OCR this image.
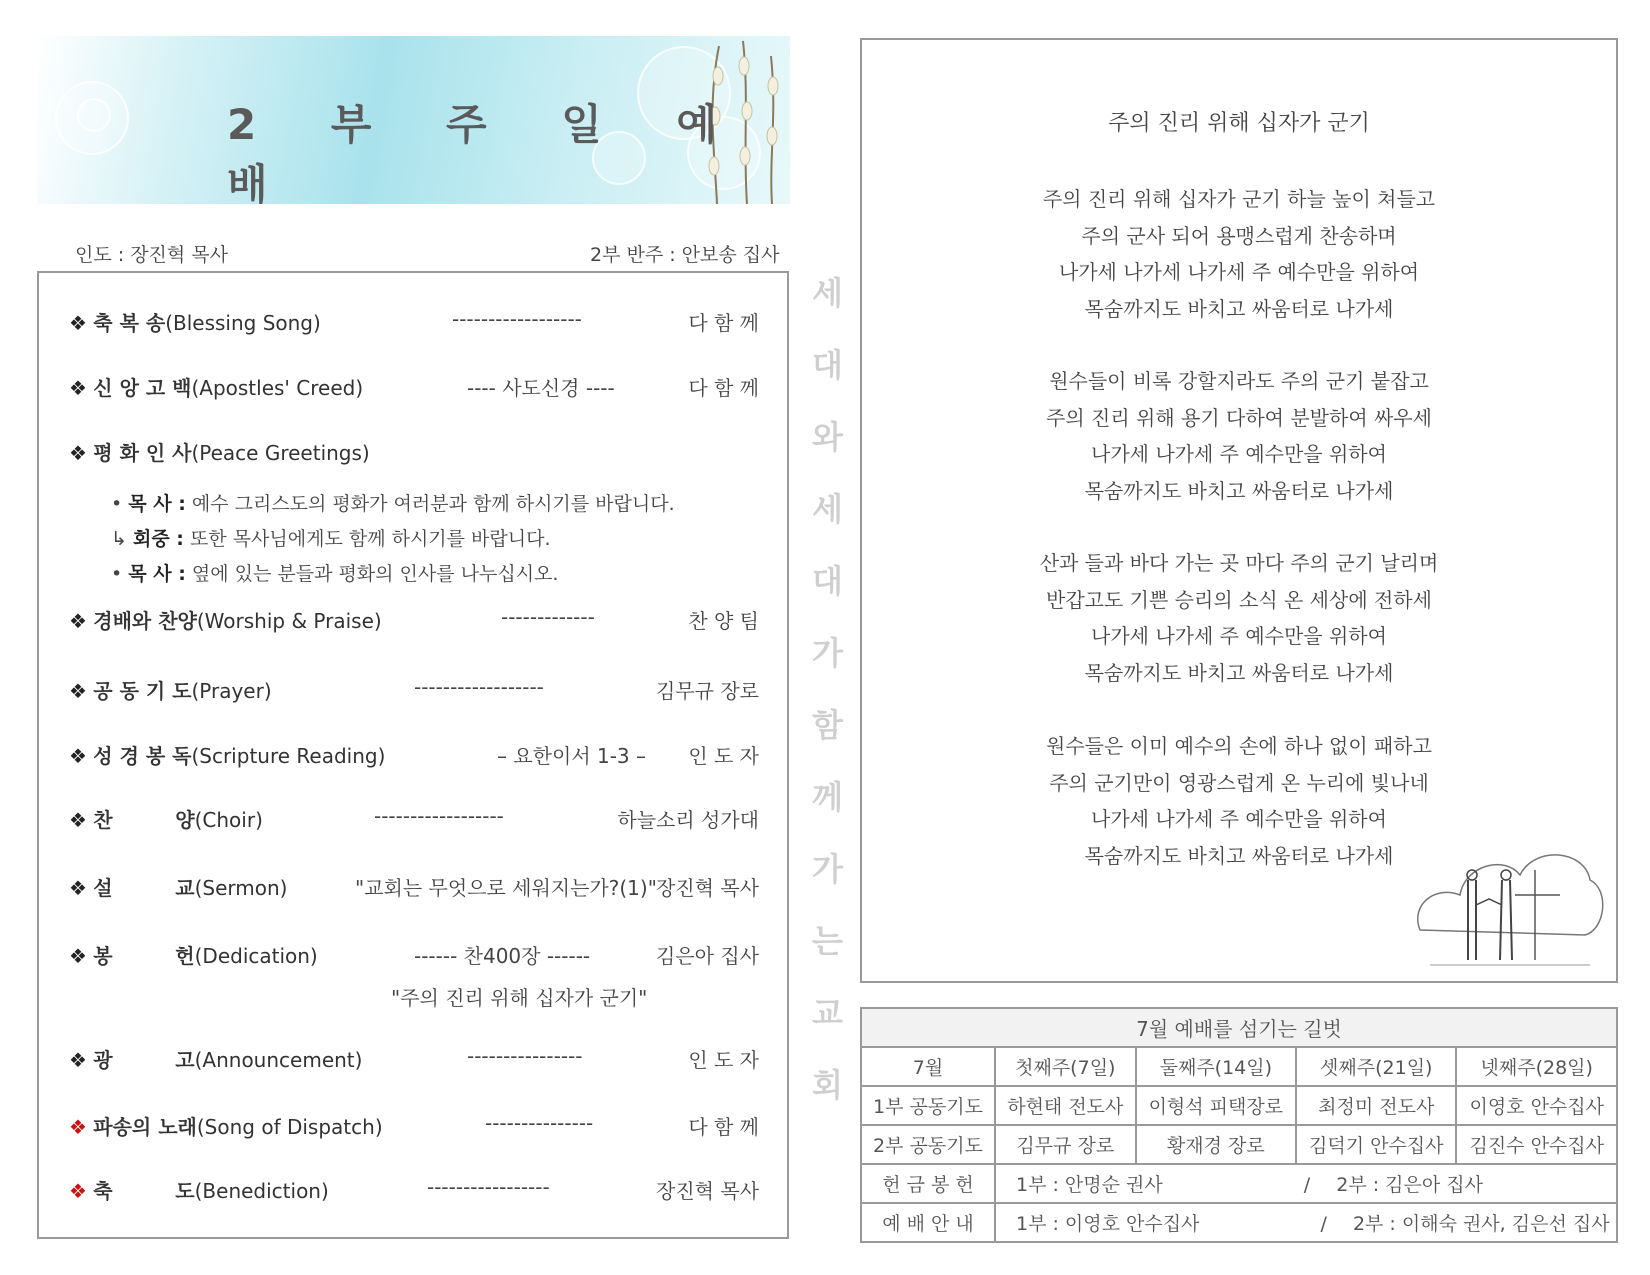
2 부 주 일 예 배
인도 : 장진혁 목사	2부 반주 : 안보송 집사
❖ 축 복 송(Blessing Song)	------------------	다 함 께
❖ 신 앙 고 백(Apostles' Creed)	---- 사도신경 ----	다 함 께
❖ 평 화 인 사(Peace Greetings)
• 목 사 : 예수 그리스도의 평화가 여러분과 함께 하시기를 바랍니다.
↳ 회중 : 또한 목사님에게도 함께 하시기를 바랍니다.
• 목 사 : 옆에 있는 분들과 평화의 인사를 나누십시오.
❖ 경배와 찬양(Worship & Praise)	-------------	찬 양 팀
❖ 공 동 기 도(Prayer)	------------------	김무규 장로
❖ 성 경 봉 독(Scripture Reading)	– 요한이서 1-3 – 인 도 자
❖ 찬         양(Choir)	------------------	하늘소리 성가대
❖ 설         교(Sermon)	"교회는 무엇으로 세워지는가?(1)" 장진혁 목사
❖ 봉         헌(Dedication)	------ 찬400장 ------	김은아 집사
"주의 진리 위해 십자가 군기"
❖ 광         고(Announcement)	----------------	인 도 자
❖ 파송의 노래(Song of Dispatch)	---------------	다 함 께
❖ 축         도(Benediction)	-----------------	장진혁 목사
세
대
와
세
대
가
함
께
가
는
교
회
주의 진리 위해 십자가 군기
주의 진리 위해 십자가 군기 하늘 높이 쳐들고
주의 군사 되어 용맹스럽게 찬송하며
나가세 나가세 나가세 주 예수만을 위하여
목숨까지도 바치고 싸움터로 나가세
원수들이 비록 강할지라도 주의 군기 붙잡고
주의 진리 위해 용기 다하여 분발하여 싸우세
나가세 나가세 주 예수만을 위하여
목숨까지도 바치고 싸움터로 나가세
산과 들과 바다 가는 곳 마다 주의 군기 날리며
반갑고도 기쁜 승리의 소식 온 세상에 전하세
나가세 나가세 주 예수만을 위하여
목숨까지도 바치고 싸움터로 나가세
원수들은 이미 예수의 손에 하나 없이 패하고
주의 군기만이 영광스럽게 온 누리에 빛나네
나가세 나가세 주 예수만을 위하여
목숨까지도 바치고 싸움터로 나가세
7월 예배를 섬기는 길벗				
7월	첫째주(7일)	둘째주(14일)	셋째주(21일)	넷째주(28일)
1부 공동기도	하현태 전도사	이형석 피택장로	최정미 전도사	이영호 안수집사
2부 공동기도	김무규 장로	황재경 장로	김덕기 안수집사	김진수 안수집사
헌 금 봉 헌	1부 : 안명순 권사 / 2부 : 김은아 집사			
예 배 안 내	1부 : 이영호 안수집사 / 2부 : 이해숙 권사, 김은선 집사			
